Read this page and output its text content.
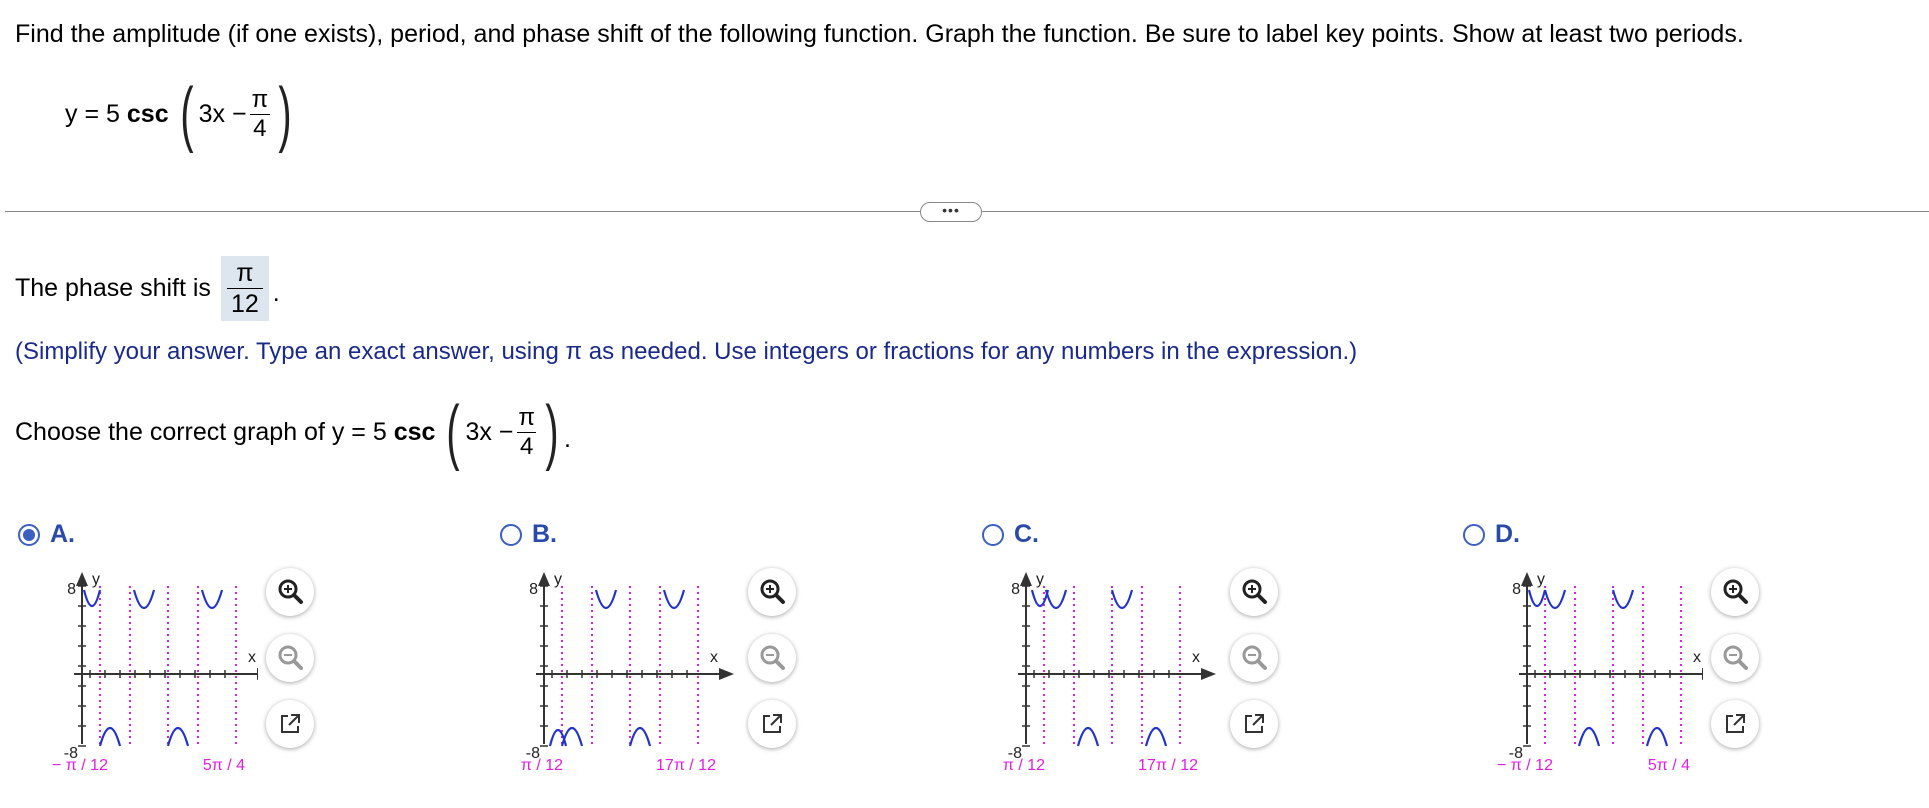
Find the amplitude (if one exists), period, and phase shift of the following function. Graph the function. Be sure to label key points. Show at least two periods.
y = 5 csc ( $3x - \frac{\pi}{4}$ )
•••
The phase shift is $\frac{\pi}{12}$ .
(Simplify your answer. Type an exact answer, using π as needed. Use integers or fractions for any numbers in the expression.)
Choose the correct graph of y = 5 csc ( $3x - \frac{\pi}{4}$ ) .
A.
y
8
-8
x
− π / 12	5π / 4
B.
y
8
-8
x
π / 12	17π / 12
C.
y
8
-8
x
π / 12	17π / 12
D.
y
8
-8
x
− π / 12	5π / 4
